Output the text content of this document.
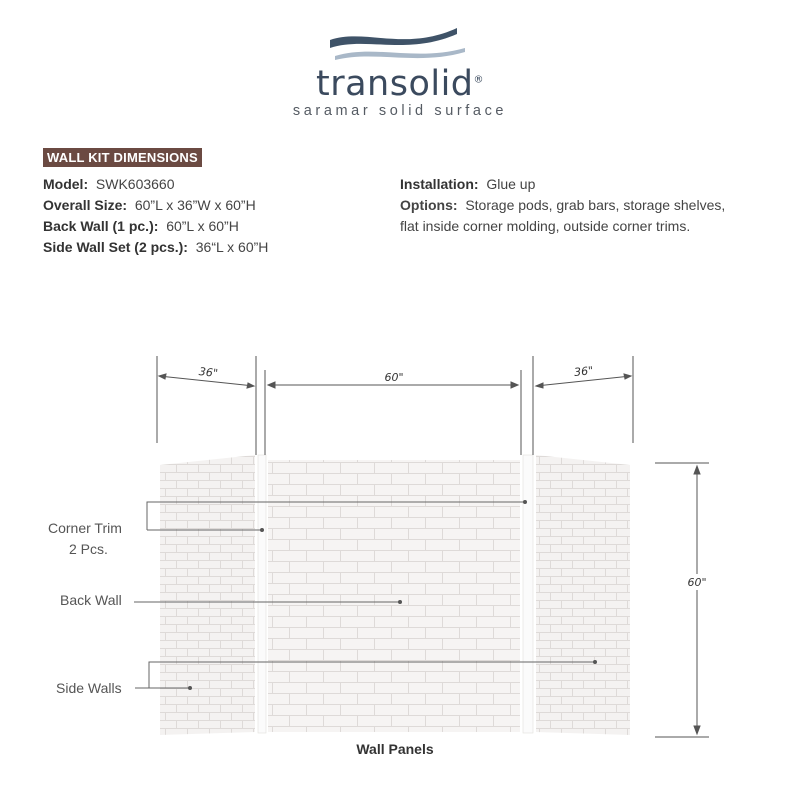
transolid®
saramar solid surface
WALL KIT DIMENSIONS
Model: SWK603660
Overall Size: 60”L x 36”W x 60”H
Back Wall (1 pc.): 60”L x 60”H
Side Wall Set (2 pcs.): 36“L x 60”H
Installation: Glue up
Options: Storage pods, grab bars, storage shelves, flat inside corner molding, outside corner trims.
36"	60"	36"
60"
Corner Trim
2 Pcs.
Back Wall
Side Walls
Wall Panels
